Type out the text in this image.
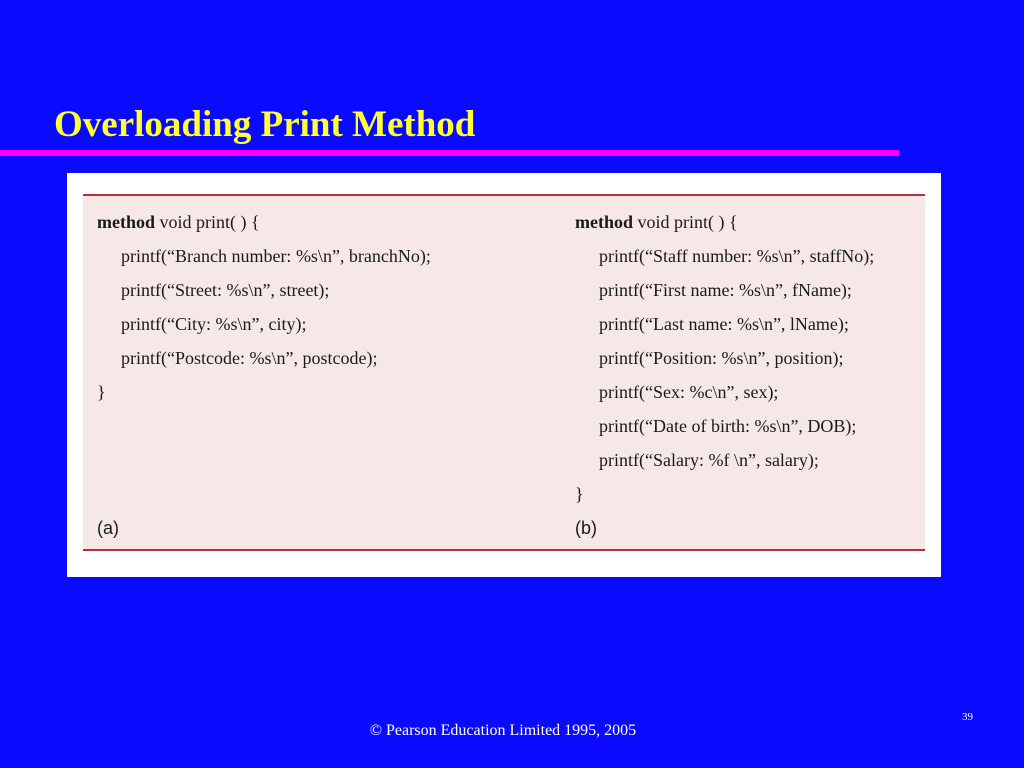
Overloading Print Method
method void print( ) {
printf(“Branch number: %s\n”, branchNo);
printf(“Street: %s\n”, street);
printf(“City: %s\n”, city);
printf(“Postcode: %s\n”, postcode);
}
(a)
method void print( ) {
printf(“Staff number: %s\n”, staffNo);
printf(“First name: %s\n”, fName);
printf(“Last name: %s\n”, lName);
printf(“Position: %s\n”, position);
printf(“Sex: %c\n”, sex);
printf(“Date of birth: %s\n”, DOB);
printf(“Salary: %f \n”, salary);
}
(b)
39
© Pearson Education Limited 1995, 2005
